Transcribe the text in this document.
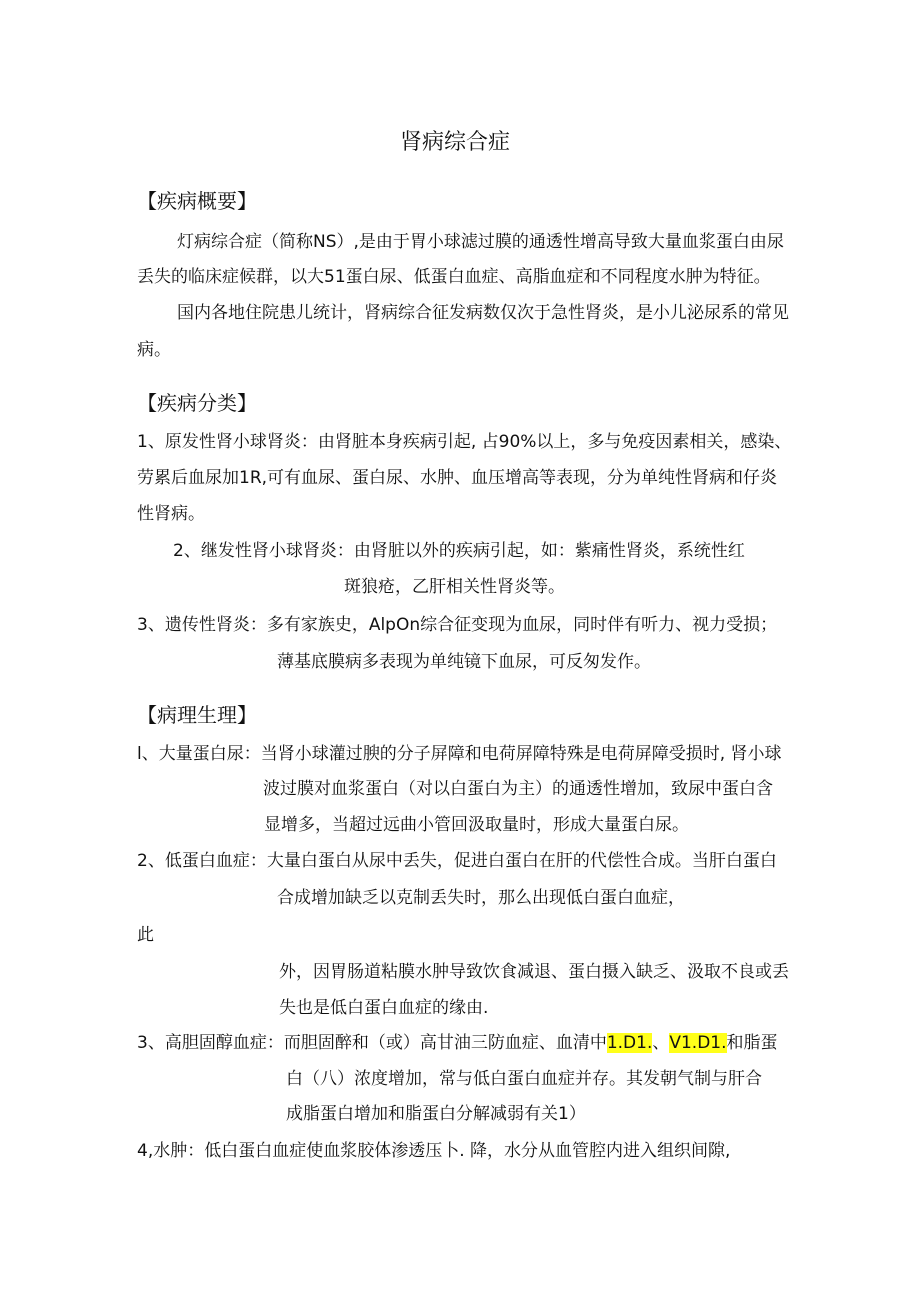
肾病综合症
【疾病概要】
灯病综合症（简称NS）,是由于胃小球滤过膜的通透性增高导致大量血浆蛋白由尿
丢失的临床症候群，以大51蛋白尿、低蛋白血症、高脂血症和不同程度水肿为特征。
国内各地住院患儿统计，肾病综合征发病数仅次于急性肾炎，是小儿泌尿系的常见
病。
【疾病分类】
1、原发性肾小球肾炎：由肾脏本身疾病引起, 占90%以上，多与免疫因素相关，感染、
劳累后血尿加1R,可有血尿、蛋白尿、水肿、血压增高等表现，分为单纯性肾病和仔炎
性肾病。
2、继发性肾小球肾炎：由肾脏以外的疾病引起，如：紫痛性肾炎，系统性红
斑狼疮，乙肝相关性肾炎等。
3、遗传性肾炎：多有家族史，AlpOn综合征变现为血尿，同时伴有听力、视力受损；
薄基底膜病多表现为单纯镜下血尿，可反匆发作。
【病理生理】
l、大量蛋白尿：当肾小球灌过腴的分子屏障和电荷屏障特殊是电荷屏障受损时, 肾小球
波过膜对血浆蛋白（对以白蛋白为主）的通透性增加，致尿中蛋白含
显增多，当超过远曲小管回汲取量时，形成大量蛋白尿。
2、低蛋白血症：大量白蛋白从尿中丢失，促进白蛋白在肝的代偿性合成。当肝白蛋白
合成增加缺乏以克制丢失时，那么出现低白蛋白血症，
此
外，因胃肠道粘膜水肿导致饮食减退、蛋白摄入缺乏、汲取不良或丢
失也是低白蛋白血症的缘由.
3、高胆固醇血症：而胆固醉和（或）高甘油三防血症、血清中1.D1.、V1.D1.和脂蛋
白（八）浓度增加，常与低白蛋白血症并存。其发朝气制与肝合
成脂蛋白增加和脂蛋白分解减弱有关1）
4,水肿：低白蛋白血症使血浆胶体渗透压卜. 降，水分从血管腔内进入组织间隙,
